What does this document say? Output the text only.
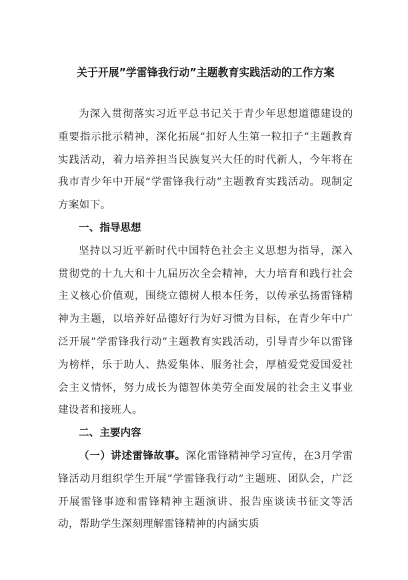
关于开展”学雷锋我行动”主题教育实践活动的工作方案

为深入贯彻落实习近平总书记关于青少年思想道德建设的重要指示批示精神，深化拓展”扣好人生第一粒扣子”主题教育实践活动，着力培养担当民族复兴大任的时代新人，今年将在我市青少年中开展“学雷锋我行动”主题教育实践活动。现制定方案如下。

一、指导思想

坚持以习近平新时代中国特色社会主义思想为指导，深入贯彻党的十九大和十九届历次全会精神，大力培育和践行社会主义核心价值观，围绕立德树人根本任务，以传承弘扬雷锋精神为主题，以培养好品德好行为好习惯为目标，在青少年中广泛开展”学雷锋我行动”主题教育实践活动，引导青少年以雷锋为榜样，乐于助人、热爱集体、服务社会，厚植爱党爱国爱社会主义情怀，努力成长为德智体美劳全面发展的社会主义事业建设者和接班人。

二、主要内容

（一）讲述雷锋故事。深化雷锋精神学习宣传，在3月学雷锋活动月组织学生开展”学雷锋我行动”主题班、团队会，广泛开展雷锋事迹和雷锋精神主题演讲、报告座谈读书征文等活动，帮助学生深刻理解雷锋精神的内涵实质
